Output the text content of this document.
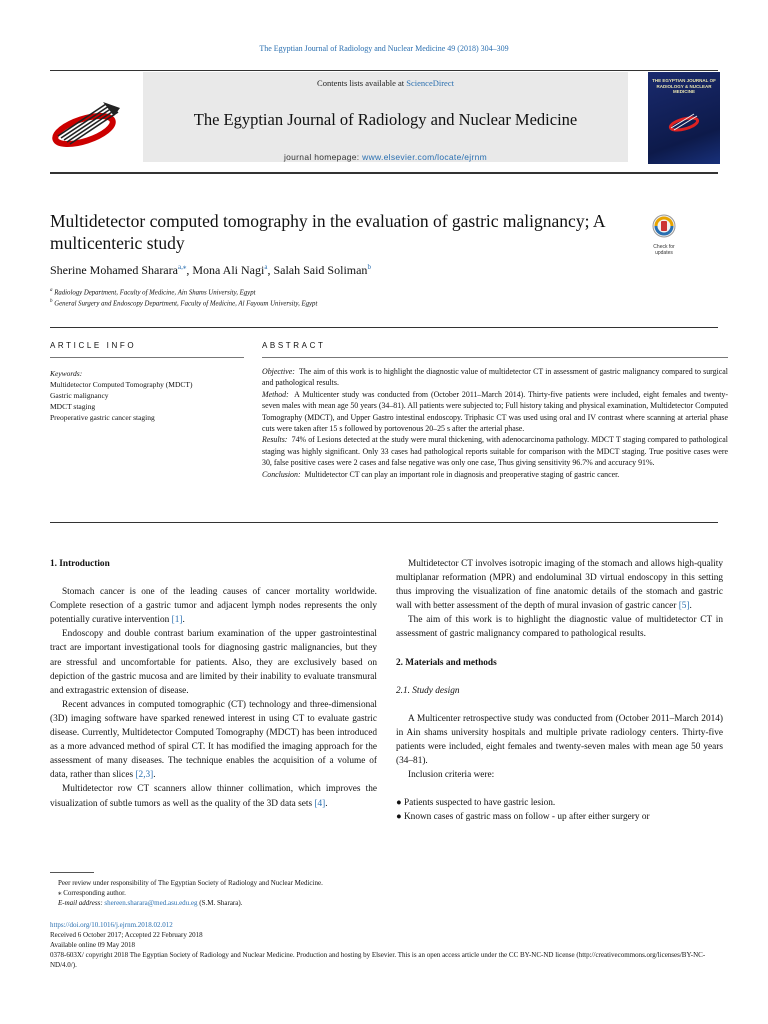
The Egyptian Journal of Radiology and Nuclear Medicine 49 (2018) 304–309
Contents lists available at ScienceDirect
The Egyptian Journal of Radiology and Nuclear Medicine
journal homepage: www.elsevier.com/locate/ejrnm
THE EGYPTIAN JOURNAL OF RADIOLOGY & NUCLEAR MEDICINE
Multidetector computed tomography in the evaluation of gastric malignancy; A multicenteric study	Check for
updates
Sherine Mohamed Sharara$^{a,⁎}$, Mona Ali Nagi$^a$, Salah Said Soliman$^b$
$^a$ Radiology Department, Faculty of Medicine, Ain Shams University, Egypt
$^b$ General Surgery and Endoscopy Department, Faculty of Medicine, Al Fayoum University, Egypt
ARTICLE INFO	ABSTRACT
Keywords:
Multidetector Computed Tomography (MDCT)
Gastric malignancy
MDCT staging
Preoperative gastric cancer staging
Objective: The aim of this work is to highlight the diagnostic value of multidetector CT in assessment of gastric malignancy compared to surgical and pathological results.
Method: A Multicenter study was conducted from (October 2011–March 2014). Thirty-five patients were included, eight females and twenty-seven males with mean age 50 years (34–81). All patients were subjected to; Full history taking and physical examination, Multidetector Computed Tomography (MDCT), and Upper Gastro intestinal endoscopy. Triphasic CT was used using oral and IV contrast where scanning at arterial phase cuts were taken after 15 s followed by portovenous 20–25 s after the arterial phase.
Results: 74% of Lesions detected at the study were mural thickening, with adenocarcinoma pathology. MDCT T staging compared to pathological staging was highly significant. Only 33 cases had pathological reports suitable for comparison with the MDCT staging. True positive cases were 30, false positive cases were 2 cases and false negative was only one case, Thus giving sensitivity 96.7% and accuracy 91%.
Conclusion: Multidetector CT can play an important role in diagnosis and preoperative staging of gastric cancer.
1. Introduction

Stomach cancer is one of the leading causes of cancer mortality worldwide. Complete resection of a gastric tumor and adjacent lymph nodes represents the only potentially curative intervention [1].

Endoscopy and double contrast barium examination of the upper gastrointestinal tract are important investigational tools for diagnosing gastric malignancies, but they are stressful and uncomfortable for patients. Also, they are exclusively based on depiction of the gastric mucosa and are limited by their inability to evaluate transmural and extragastric extension of disease.

Recent advances in computed tomographic (CT) technology and three-dimensional (3D) imaging software have sparked renewed interest in using CT to evaluate gastric disease. Currently, Multidetector Computed Tomography (MDCT) has been introduced as a more advanced method of spiral CT. It has modified the imaging approach for the assessment of many diseases. The technique enables the acquisition of a volume of data, rather than slices [2,3].

Multidetector row CT scanners allow thinner collimation, which improves the visualization of subtle tumors as well as the quality of the 3D data sets [4].

Multidetector CT involves isotropic imaging of the stomach and allows high-quality multiplanar reformation (MPR) and endoluminal 3D virtual endoscopy in this setting thus improving the visualization of fine anatomic details of the stomach and gastric wall with better assessment of the depth of mural invasion of gastric cancer [5].

The aim of this work is to highlight the diagnostic value of multidetector CT in assessment of gastric malignancy compared to pathological results.

2. Materials and methods
2.1. Study design

A Multicenter retrospective study was conducted from (October 2011–March 2014) in Ain shams university hospitals and multiple private radiology centers. Thirty-five patients were included, eight females and twenty-seven males with mean age 50 years (34–81).

Inclusion criteria were:

● Patients suspected to have gastric lesion.
● Known cases of gastric mass on follow - up after either surgery or
Peer review under responsibility of The Egyptian Society of Radiology and Nuclear Medicine.
⁎ Corresponding author.
E-mail address: shereen.sharara@med.asu.edu.eg (S.M. Sharara).
https://doi.org/10.1016/j.ejrnm.2018.02.012
Received 6 October 2017; Accepted 22 February 2018
Available online 09 May 2018
0378-603X/ copyright 2018 The Egyptian Society of Radiology and Nuclear Medicine. Production and hosting by Elsevier. This is an open access article under the CC BY-NC-ND license (http://creativecommons.org/licenses/BY-NC-ND/4.0/).
